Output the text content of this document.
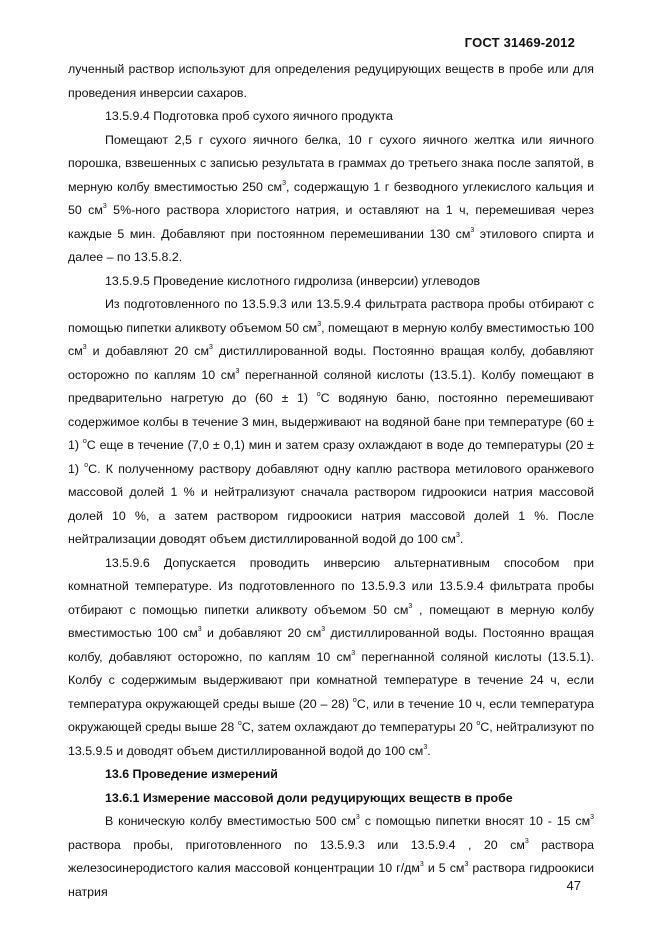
ГОСТ 31469-2012

лученный раствор используют для определения редуцирующих веществ в пробе или для проведения инверсии сахаров.

13.5.9.4 Подготовка проб сухого яичного продукта

Помещают 2,5 г сухого яичного белка, 10 г сухого яичного желтка или яичного порошка, взвешенных с записью результата в граммах до третьего знака после запятой, в мерную колбу вместимостью 250 $см^3$, содержащую 1 г безводного углекислого кальция и 50 $см^3$ 5%-ного раствора хлористого натрия, и оставляют на 1 ч, перемешивая через каждые 5 мин. Добавляют при постоянном перемешивании 130 $см^3$ этилового спирта и далее – по 13.5.8.2.

13.5.9.5 Проведение кислотного гидролиза (инверсии) углеводов

Из подготовленного по 13.5.9.3 или 13.5.9.4 фильтрата раствора пробы отбирают с помощью пипетки аликвоту объемом 50 $см^3$, помещают в мерную колбу вместимостью 100 $см^3$ и добавляют 20 $см^3$ дистиллированной воды. Постоянно вращая колбу, добавляют осторожно по каплям 10 $см^3$ перегнанной соляной кислоты (13.5.1). Колбу помещают в предварительно нагретую до (60 ± 1) $^о$С водяную баню, постоянно перемешивают содержимое колбы в течение 3 мин, выдерживают на водяной бане при температуре (60 ± 1) $^о$С еще в течение (7,0 ± 0,1) мин и затем сразу охлаждают в воде до температуры (20 ± 1) $^о$С. К полученному раствору добавляют одну каплю раствора метилового оранжевого массовой долей 1 % и нейтрализуют сначала раствором гидроокиси натрия массовой долей 10 %, а затем раствором гидроокиси натрия массовой долей 1 %. После нейтрализации доводят объем дистиллированной водой до 100 $см^3$.

13.5.9.6 Допускается проводить инверсию альтернативным способом при комнатной температуре. Из подготовленного по 13.5.9.3 или 13.5.9.4 фильтрата пробы отбирают с помощью пипетки аликвоту объемом 50 $см^3$ , помещают в мерную колбу вместимостью 100 $см^3$ и добавляют 20 $см^3$ дистиллированной воды. Постоянно вращая колбу, добавляют осторожно, по каплям 10 $см^3$ перегнанной соляной кислоты (13.5.1). Колбу с содержимым выдерживают при комнатной температуре в течение 24 ч, если температура окружающей среды выше (20 – 28) $^о$С, или в течение 10 ч, если температура окружающей среды выше 28 $^о$С, затем охлаждают до температуры 20 $^о$С, нейтрализуют по 13.5.9.5 и доводят объем дистиллированной водой до 100 $см^3$.

13.6 Проведение измерений

13.6.1 Измерение массовой доли редуцирующих веществ в пробе

В коническую колбу вместимостью 500 $см^3$ с помощью пипетки вносят 10 - 15 $см^3$ раствора пробы, приготовленного по 13.5.9.3 или 13.5.9.4 , 20 $см^3$ раствора железосинеродистого калия массовой концентрации 10 $г/дм^3$ и 5 $см^3$ раствора гидроокиси натрия	47
